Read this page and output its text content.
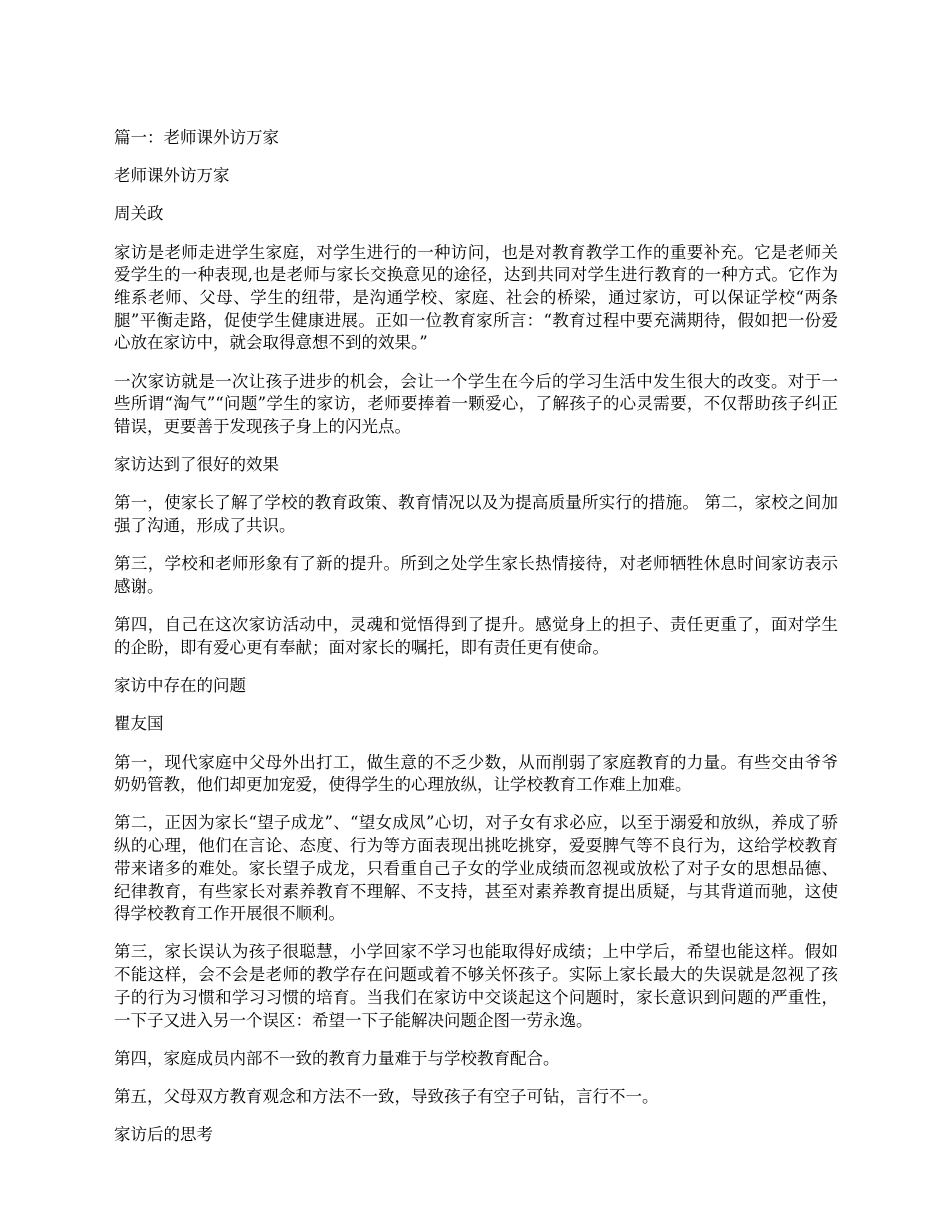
篇一：老师课外访万家

老师课外访万家

周关政

家访是老师走进学生家庭，对学生进行的一种访问，也是对教育教学工作的重要补充。它是老师关爱学生的一种表现,也是老师与家长交换意见的途径，达到共同对学生进行教育的一种方式。它作为维系老师、父母、学生的纽带，是沟通学校、家庭、社会的桥梁，通过家访，可以保证学校“两条腿”平衡走路，促使学生健康进展。正如一位教育家所言：“教育过程中要充满期待，假如把一份爱心放在家访中，就会取得意想不到的效果。”

一次家访就是一次让孩子进步的机会，会让一个学生在今后的学习生活中发生很大的改变。对于一些所谓“淘气”“问题”学生的家访，老师要捧着一颗爱心，了解孩子的心灵需要，不仅帮助孩子纠正错误，更要善于发现孩子身上的闪光点。

家访达到了很好的效果

第一，使家长了解了学校的教育政策、教育情况以及为提高质量所实行的措施。 第二，家校之间加强了沟通，形成了共识。

第三，学校和老师形象有了新的提升。所到之处学生家长热情接待，对老师牺牲休息时间家访表示感谢。

第四，自己在这次家访活动中，灵魂和觉悟得到了提升。感觉身上的担子、责任更重了，面对学生的企盼，即有爱心更有奉献；面对家长的嘱托，即有责任更有使命。

家访中存在的问题

瞿友国

第一，现代家庭中父母外出打工，做生意的不乏少数，从而削弱了家庭教育的力量。有些交由爷爷奶奶管教，他们却更加宠爱，使得学生的心理放纵，让学校教育工作难上加难。

第二，正因为家长“望子成龙”、“望女成凤”心切，对子女有求必应，以至于溺爱和放纵，养成了骄纵的心理，他们在言论、态度、行为等方面表现出挑吃挑穿，爱耍脾气等不良行为，这给学校教育带来诸多的难处。家长望子成龙，只看重自己子女的学业成绩而忽视或放松了对子女的思想品德、纪律教育，有些家长对素养教育不理解、不支持，甚至对素养教育提出质疑，与其背道而驰，这使得学校教育工作开展很不顺利。

第三，家长误认为孩子很聪慧，小学回家不学习也能取得好成绩；上中学后，希望也能这样。假如不能这样，会不会是老师的教学存在问题或着不够关怀孩子。实际上家长最大的失误就是忽视了孩子的行为习惯和学习习惯的培育。当我们在家访中交谈起这个问题时，家长意识到问题的严重性，一下子又进入另一个误区：希望一下子能解决问题企图一劳永逸。

第四，家庭成员内部不一致的教育力量难于与学校教育配合。

第五，父母双方教育观念和方法不一致，导致孩子有空子可钻，言行不一。

家访后的思考
